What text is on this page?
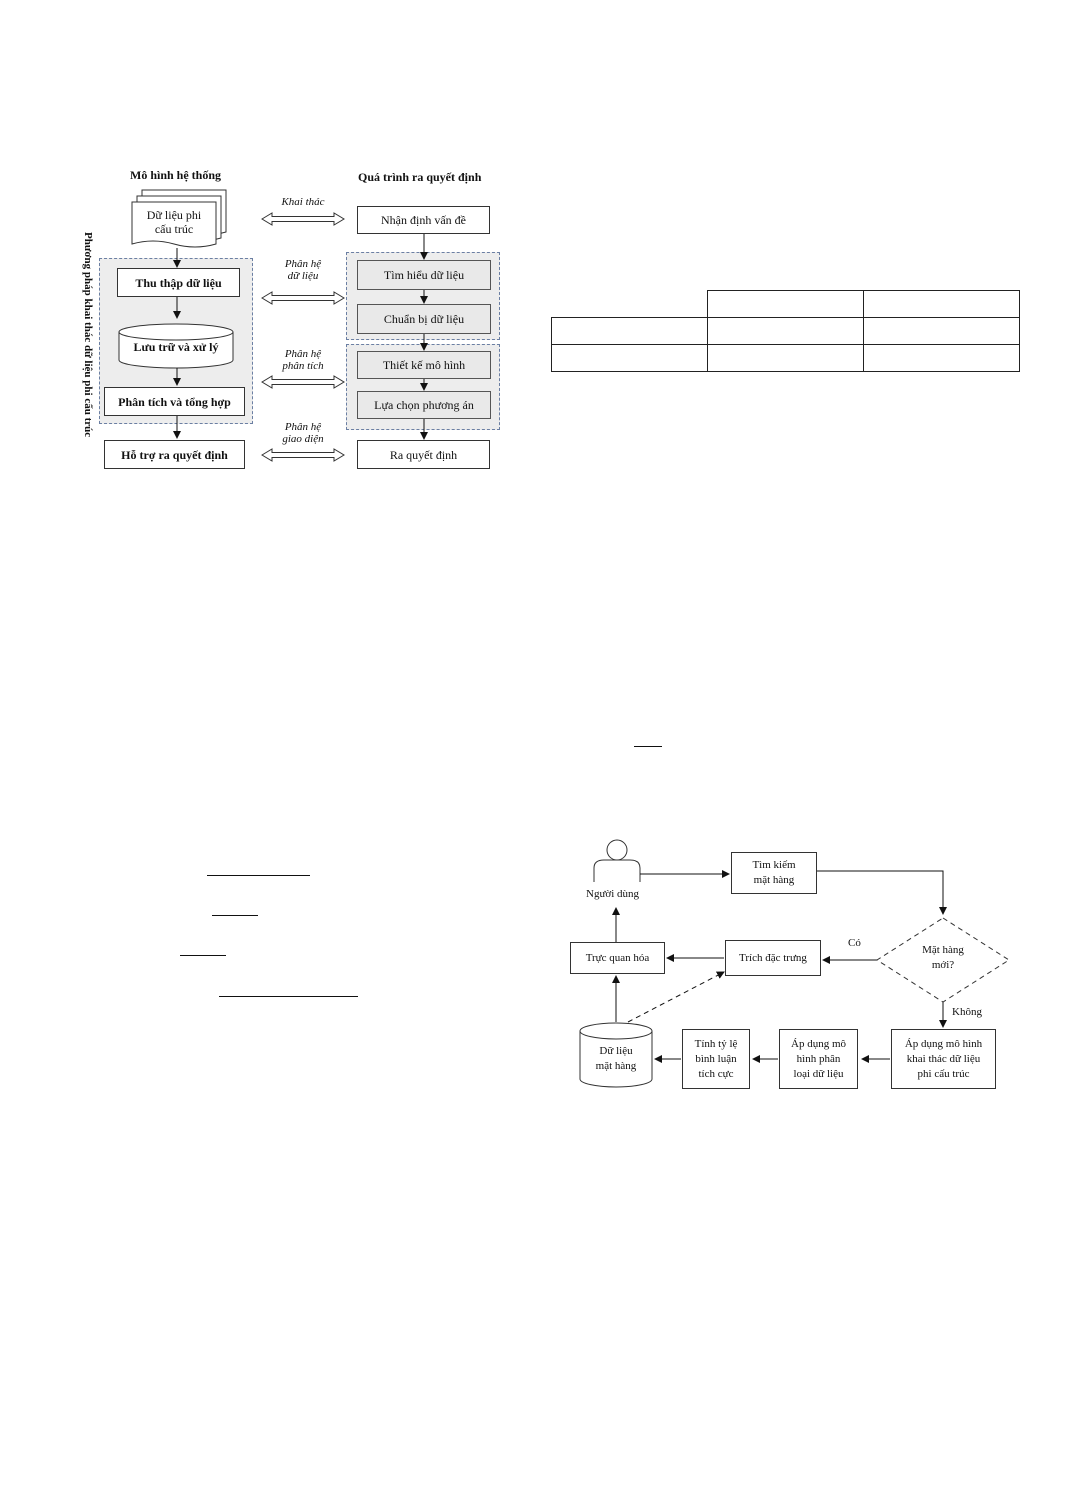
Mô hình hệ thống	Quá trình ra quyết định
Phương pháp khai thác dữ liệu phi cấu trúc
Dữ liệu phi
cấu trúc
Thu thập dữ liệu
Lưu trữ và xử lý
Phân tích và tổng hợp
Hỗ trợ ra quyết định
Nhận định vấn đề
Tìm hiểu dữ liệu
Chuẩn bị dữ liệu
Thiết kế mô hình
Lựa chọn phương án
Ra quyết định
Khai thác
Phân hệ
dữ liệu
Phân hệ
phân tích
Phân hệ
giao diện

Người dùng
Tìm kiếm
mặt hàng
Mặt hàng
mới?
Có
Không
Trích đặc trưng
Trực quan hóa
Dữ liệu
mặt hàng
Tính tỷ lệ
bình luận
tích cực
Áp dụng mô
hình phân
loại dữ liệu
Áp dụng mô hình
khai thác dữ liệu
phi cấu trúc
